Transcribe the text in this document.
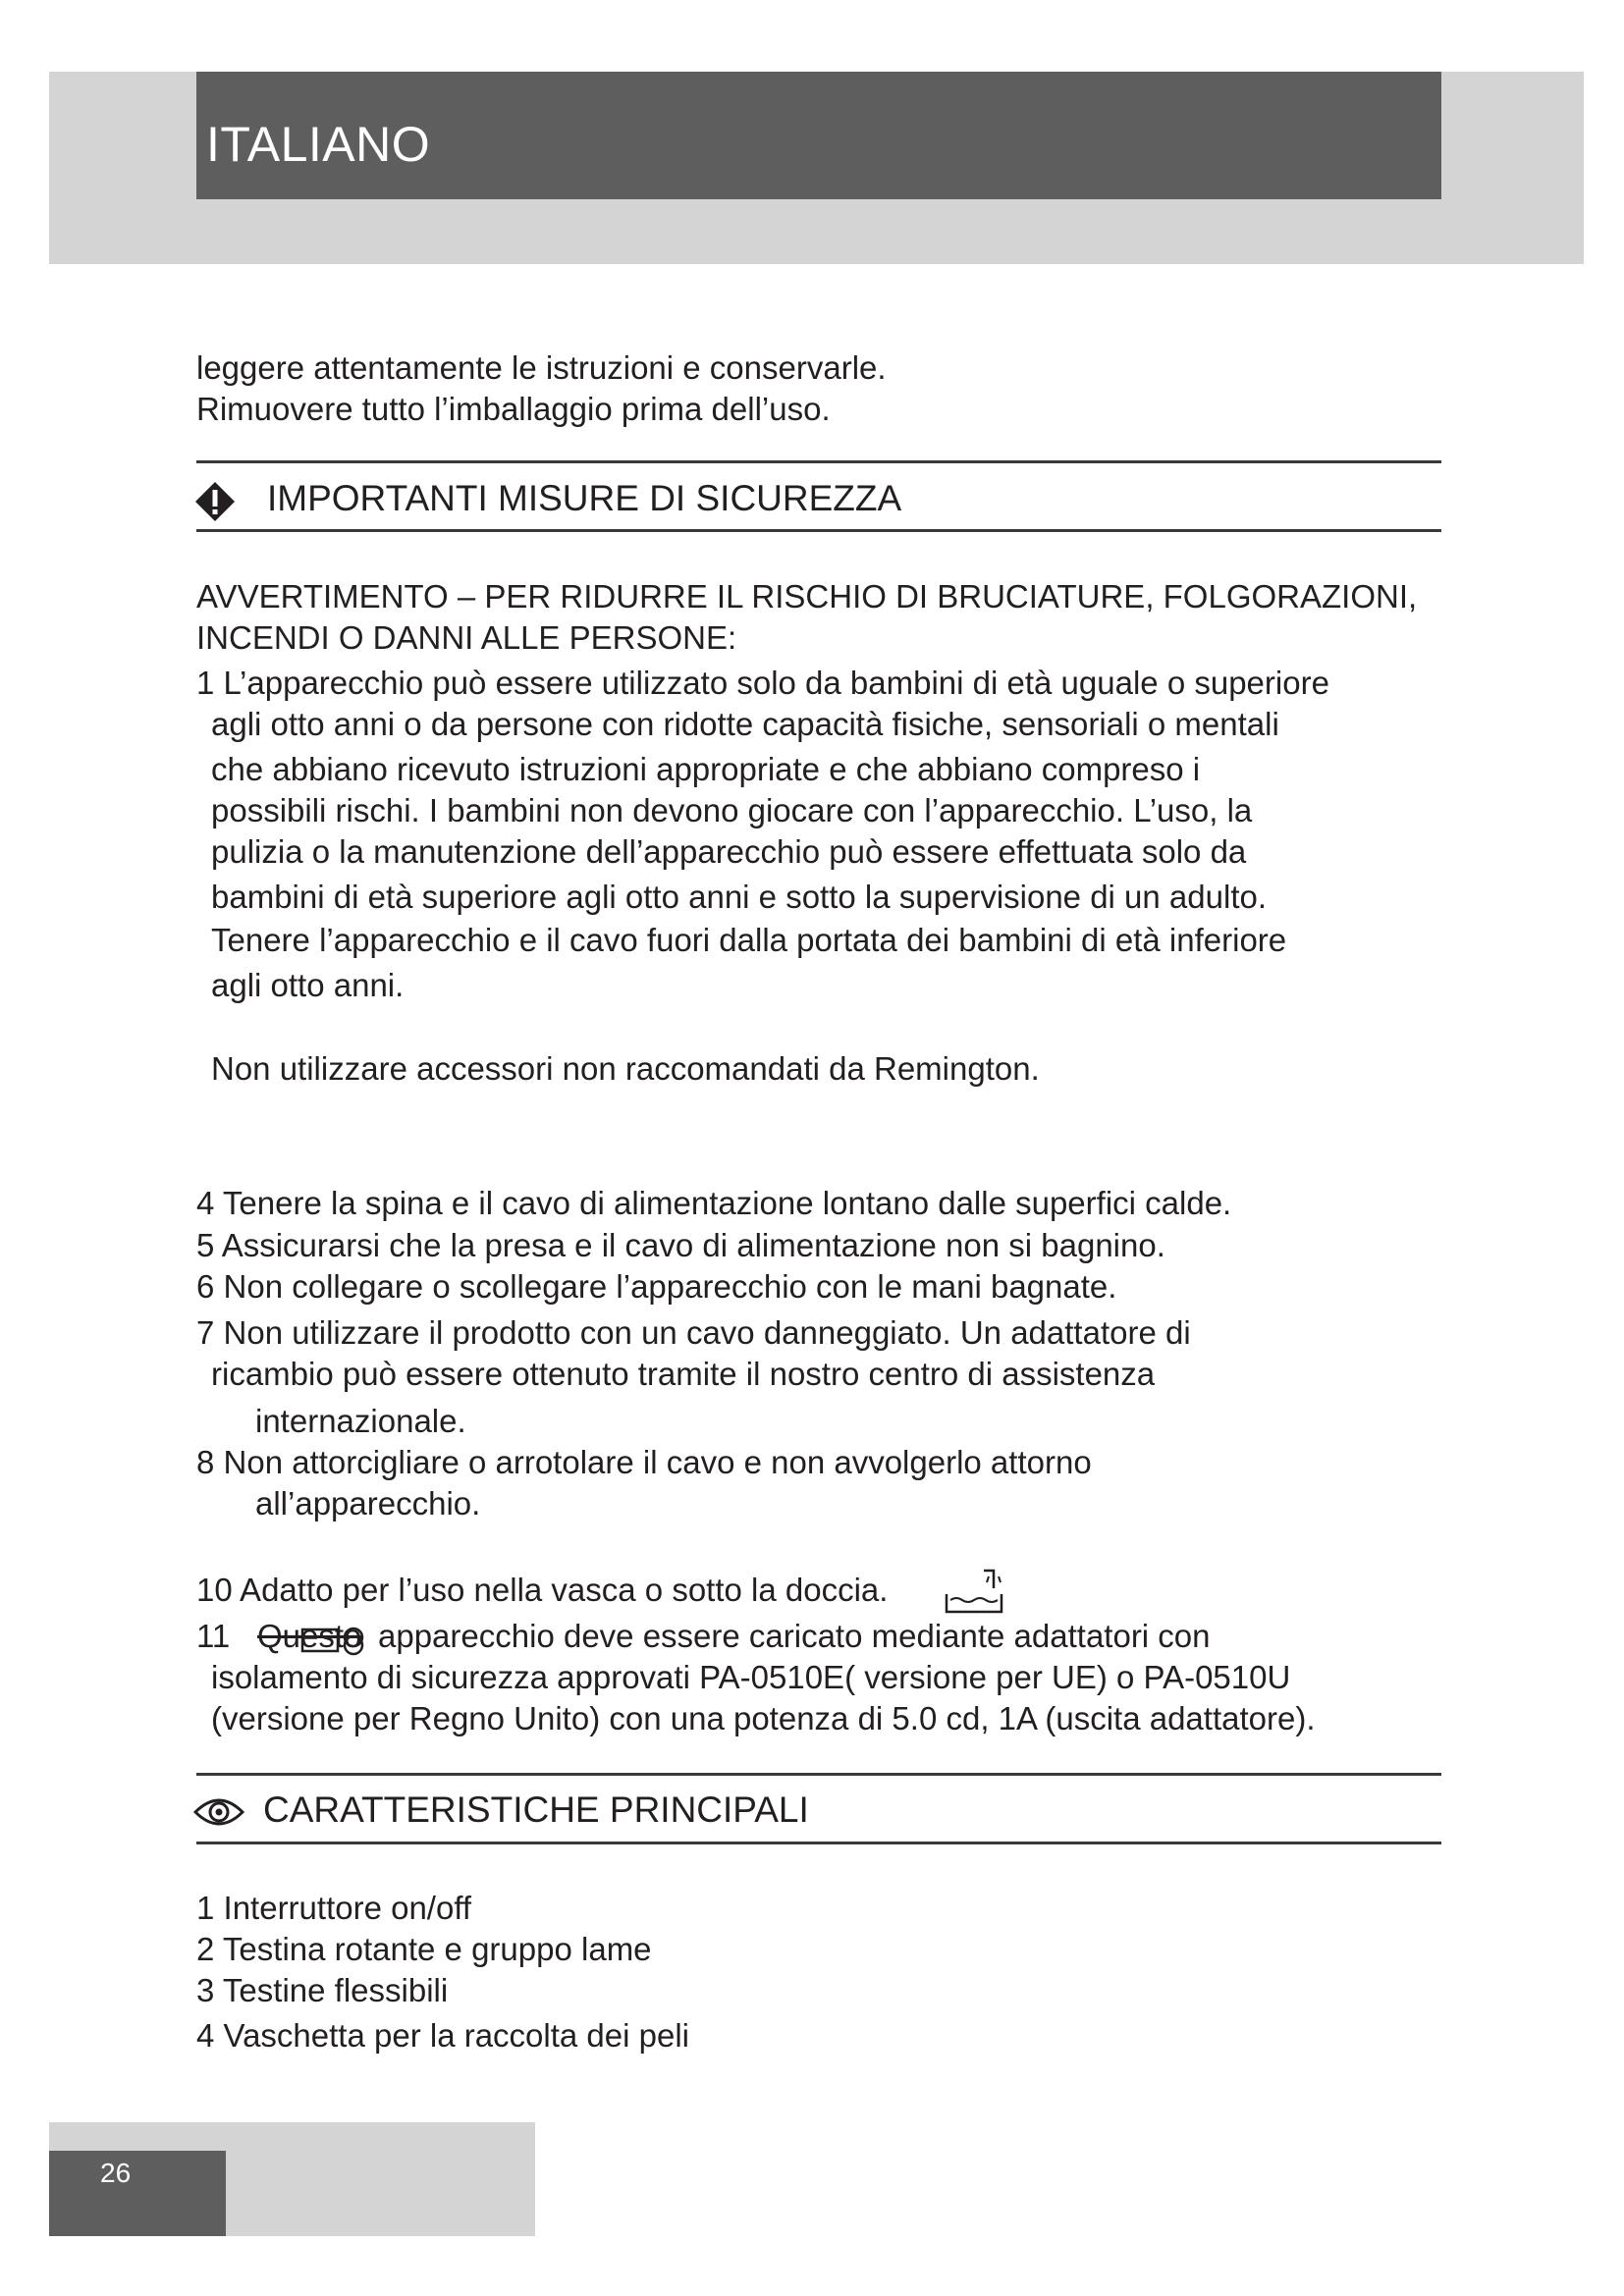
ITALIANO
leggere attentamente le istruzioni e conservarle.
Rimuovere tutto l’imballaggio prima dell’uso.
IMPORTANTI MISURE DI SICUREZZA
AVVERTIMENTO – PER RIDURRE IL RISCHIO DI BRUCIATURE, FOLGORAZIONI,
INCENDI O DANNI ALLE PERSONE:
1 L’apparecchio può essere utilizzato solo da bambini di età uguale o superiore
agli otto anni o da persone con ridotte capacità fisiche, sensoriali o mentali
che abbiano ricevuto istruzioni appropriate e che abbiano compreso i
possibili rischi. I bambini non devono giocare con l’apparecchio. L’uso, la
pulizia o la manutenzione dell’apparecchio può essere effettuata solo da
bambini di età superiore agli otto anni e sotto la supervisione di un adulto.
Tenere l’apparecchio e il cavo fuori dalla portata dei bambini di età inferiore
agli otto anni.
Non utilizzare accessori non raccomandati da Remington.
4 Tenere la spina e il cavo di alimentazione lontano dalle superfici calde.
5 Assicurarsi che la presa e il cavo di alimentazione non si bagnino.
6 Non collegare o scollegare l’apparecchio con le mani bagnate.
7 Non utilizzare il prodotto con un cavo danneggiato. Un adattatore di
ricambio può essere ottenuto tramite il nostro centro di assistenza
internazionale.
8 Non attorcigliare o arrotolare il cavo e non avvolgerlo attorno
all’apparecchio.
10 Adatto per l’uso nella vasca o sotto la doccia.
11 Questo apparecchio deve essere caricato mediante adattatori con
isolamento di sicurezza approvati PA-0510E( versione per UE) o PA-0510U
(versione per Regno Unito) con una potenza di 5.0 cd, 1A (uscita adattatore).
CARATTERISTICHE PRINCIPALI
1 Interruttore on/off
2 Testina rotante e gruppo lame
3 Testine flessibili
4 Vaschetta per la raccolta dei peli
26
